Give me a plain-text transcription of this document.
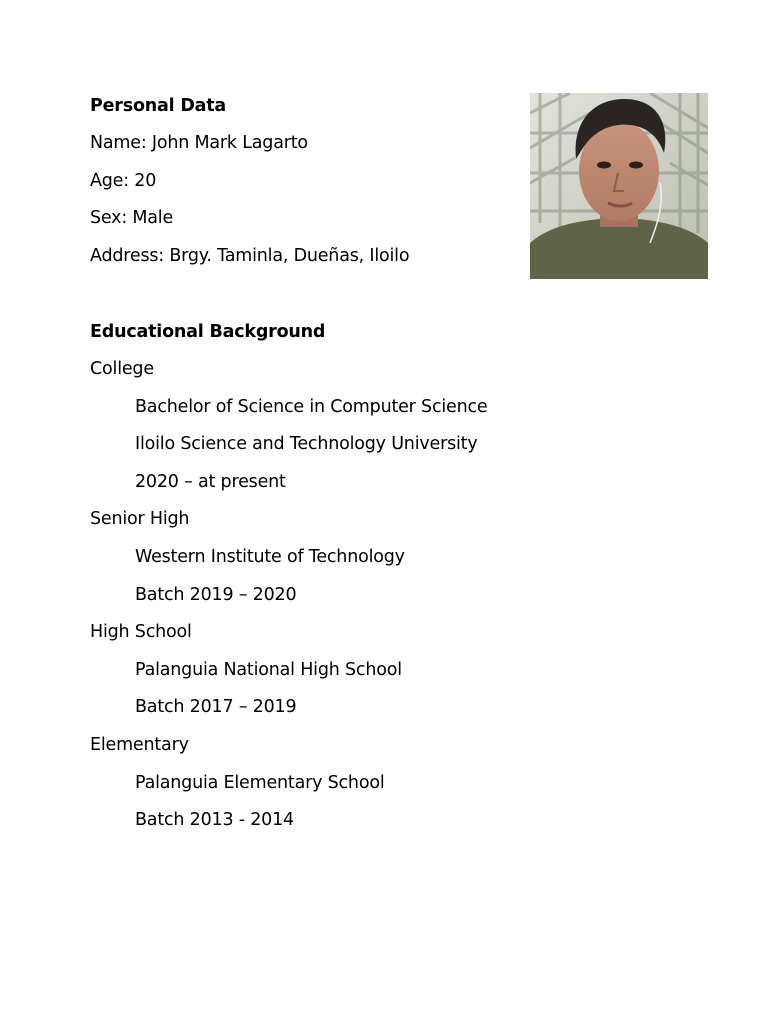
Personal Data
Name: John Mark Lagarto
Age: 20
Sex: Male
Address: Brgy. Taminla, Dueñas, Iloilo
Educational Background
College
Bachelor of Science in Computer Science
Iloilo Science and Technology University
2020 – at present
Senior High
Western Institute of Technology
Batch 2019 – 2020
High School
Palanguia National High School
Batch 2017 – 2019
Elementary
Palanguia Elementary School
Batch 2013 - 2014
